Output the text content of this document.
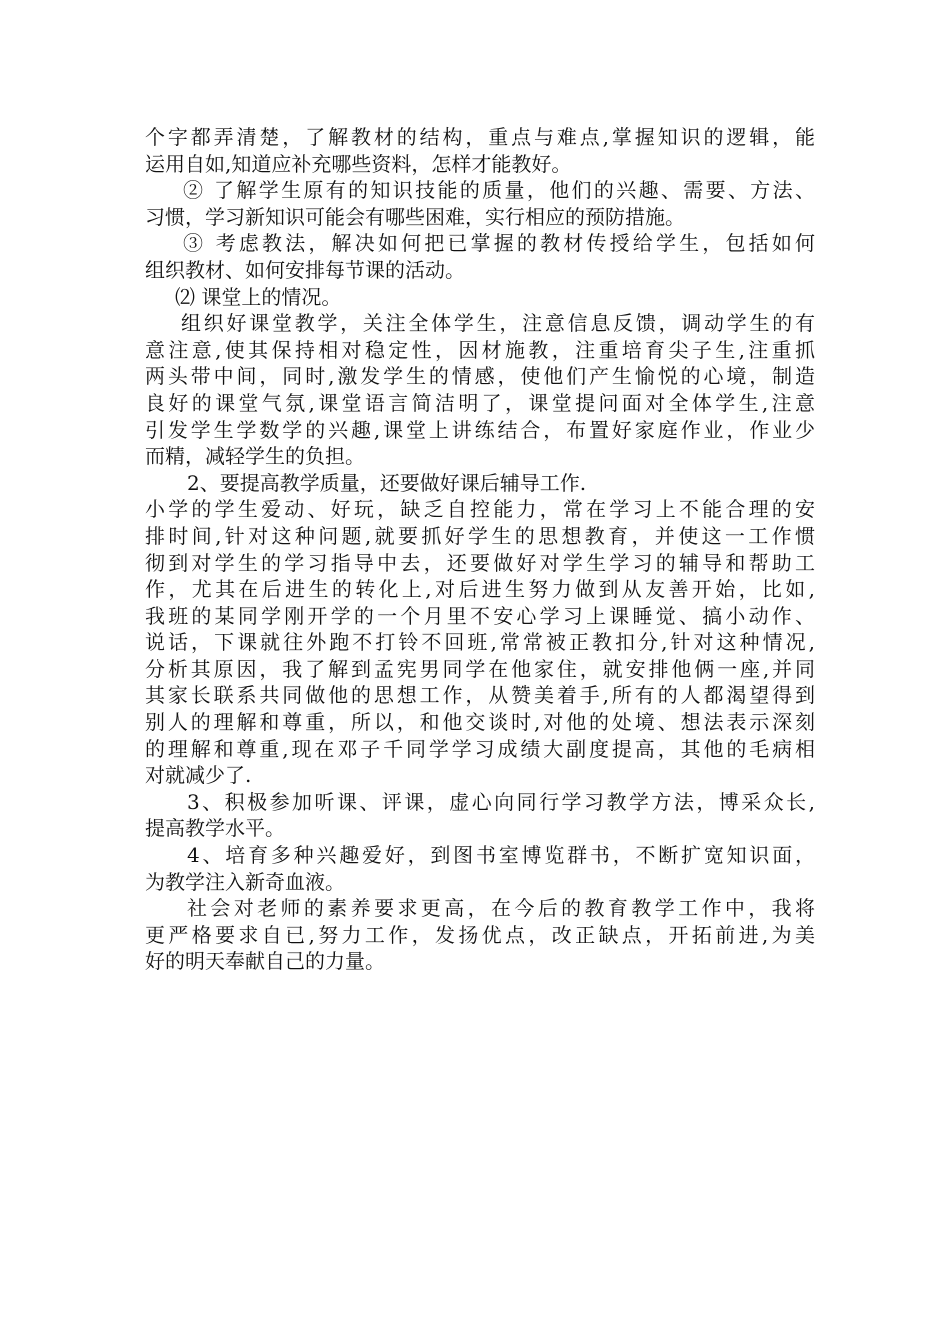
个字都弄清楚，了解教材的结构，重点与难点,掌握知识的逻辑，能
运用自如,知道应补充哪些资料，怎样才能教好。
② 了解学生原有的知识技能的质量，他们的兴趣、需要、方法、
习惯，学习新知识可能会有哪些困难，实行相应的预防措施。
③ 考虑教法，解决如何把已掌握的教材传授给学生，包括如何
组织教材、如何安排每节课的活动。
⑵ 课堂上的情况。
组织好课堂教学，关注全体学生，注意信息反馈，调动学生的有
意注意,使其保持相对稳定性，因材施教，注重培育尖子生,注重抓
两头带中间，同时,激发学生的情感，使他们产生愉悦的心境，制造
良好的课堂气氛,课堂语言简洁明了，课堂提问面对全体学生,注意
引发学生学数学的兴趣,课堂上讲练结合，布置好家庭作业，作业少
而精，减轻学生的负担。
2、要提高教学质量，还要做好课后辅导工作.
小学的学生爱动、好玩，缺乏自控能力，常在学习上不能合理的安
排时间,针对这种问题,就要抓好学生的思想教育，并使这一工作惯
彻到对学生的学习指导中去，还要做好对学生学习的辅导和帮助工
作，尤其在后进生的转化上,对后进生努力做到从友善开始，比如,
我班的某同学刚开学的一个月里不安心学习上课睡觉、搞小动作、
说话，下课就往外跑不打铃不回班,常常被正教扣分,针对这种情况,
分析其原因，我了解到孟宪男同学在他家住，就安排他俩一座,并同
其家长联系共同做他的思想工作，从赞美着手,所有的人都渴望得到
别人的理解和尊重，所以，和他交谈时,对他的处境、想法表示深刻
的理解和尊重,现在邓子千同学学习成绩大副度提高，其他的毛病相
对就减少了.
3、积极参加听课、评课，虚心向同行学习教学方法，博采众长,
提高教学水平。
4、培育多种兴趣爱好，到图书室博览群书，不断扩宽知识面，
为教学注入新奇血液。
社会对老师的素养要求更高，在今后的教育教学工作中，我将
更严格要求自已,努力工作，发扬优点，改正缺点，开拓前进,为美
好的明天奉献自己的力量。
